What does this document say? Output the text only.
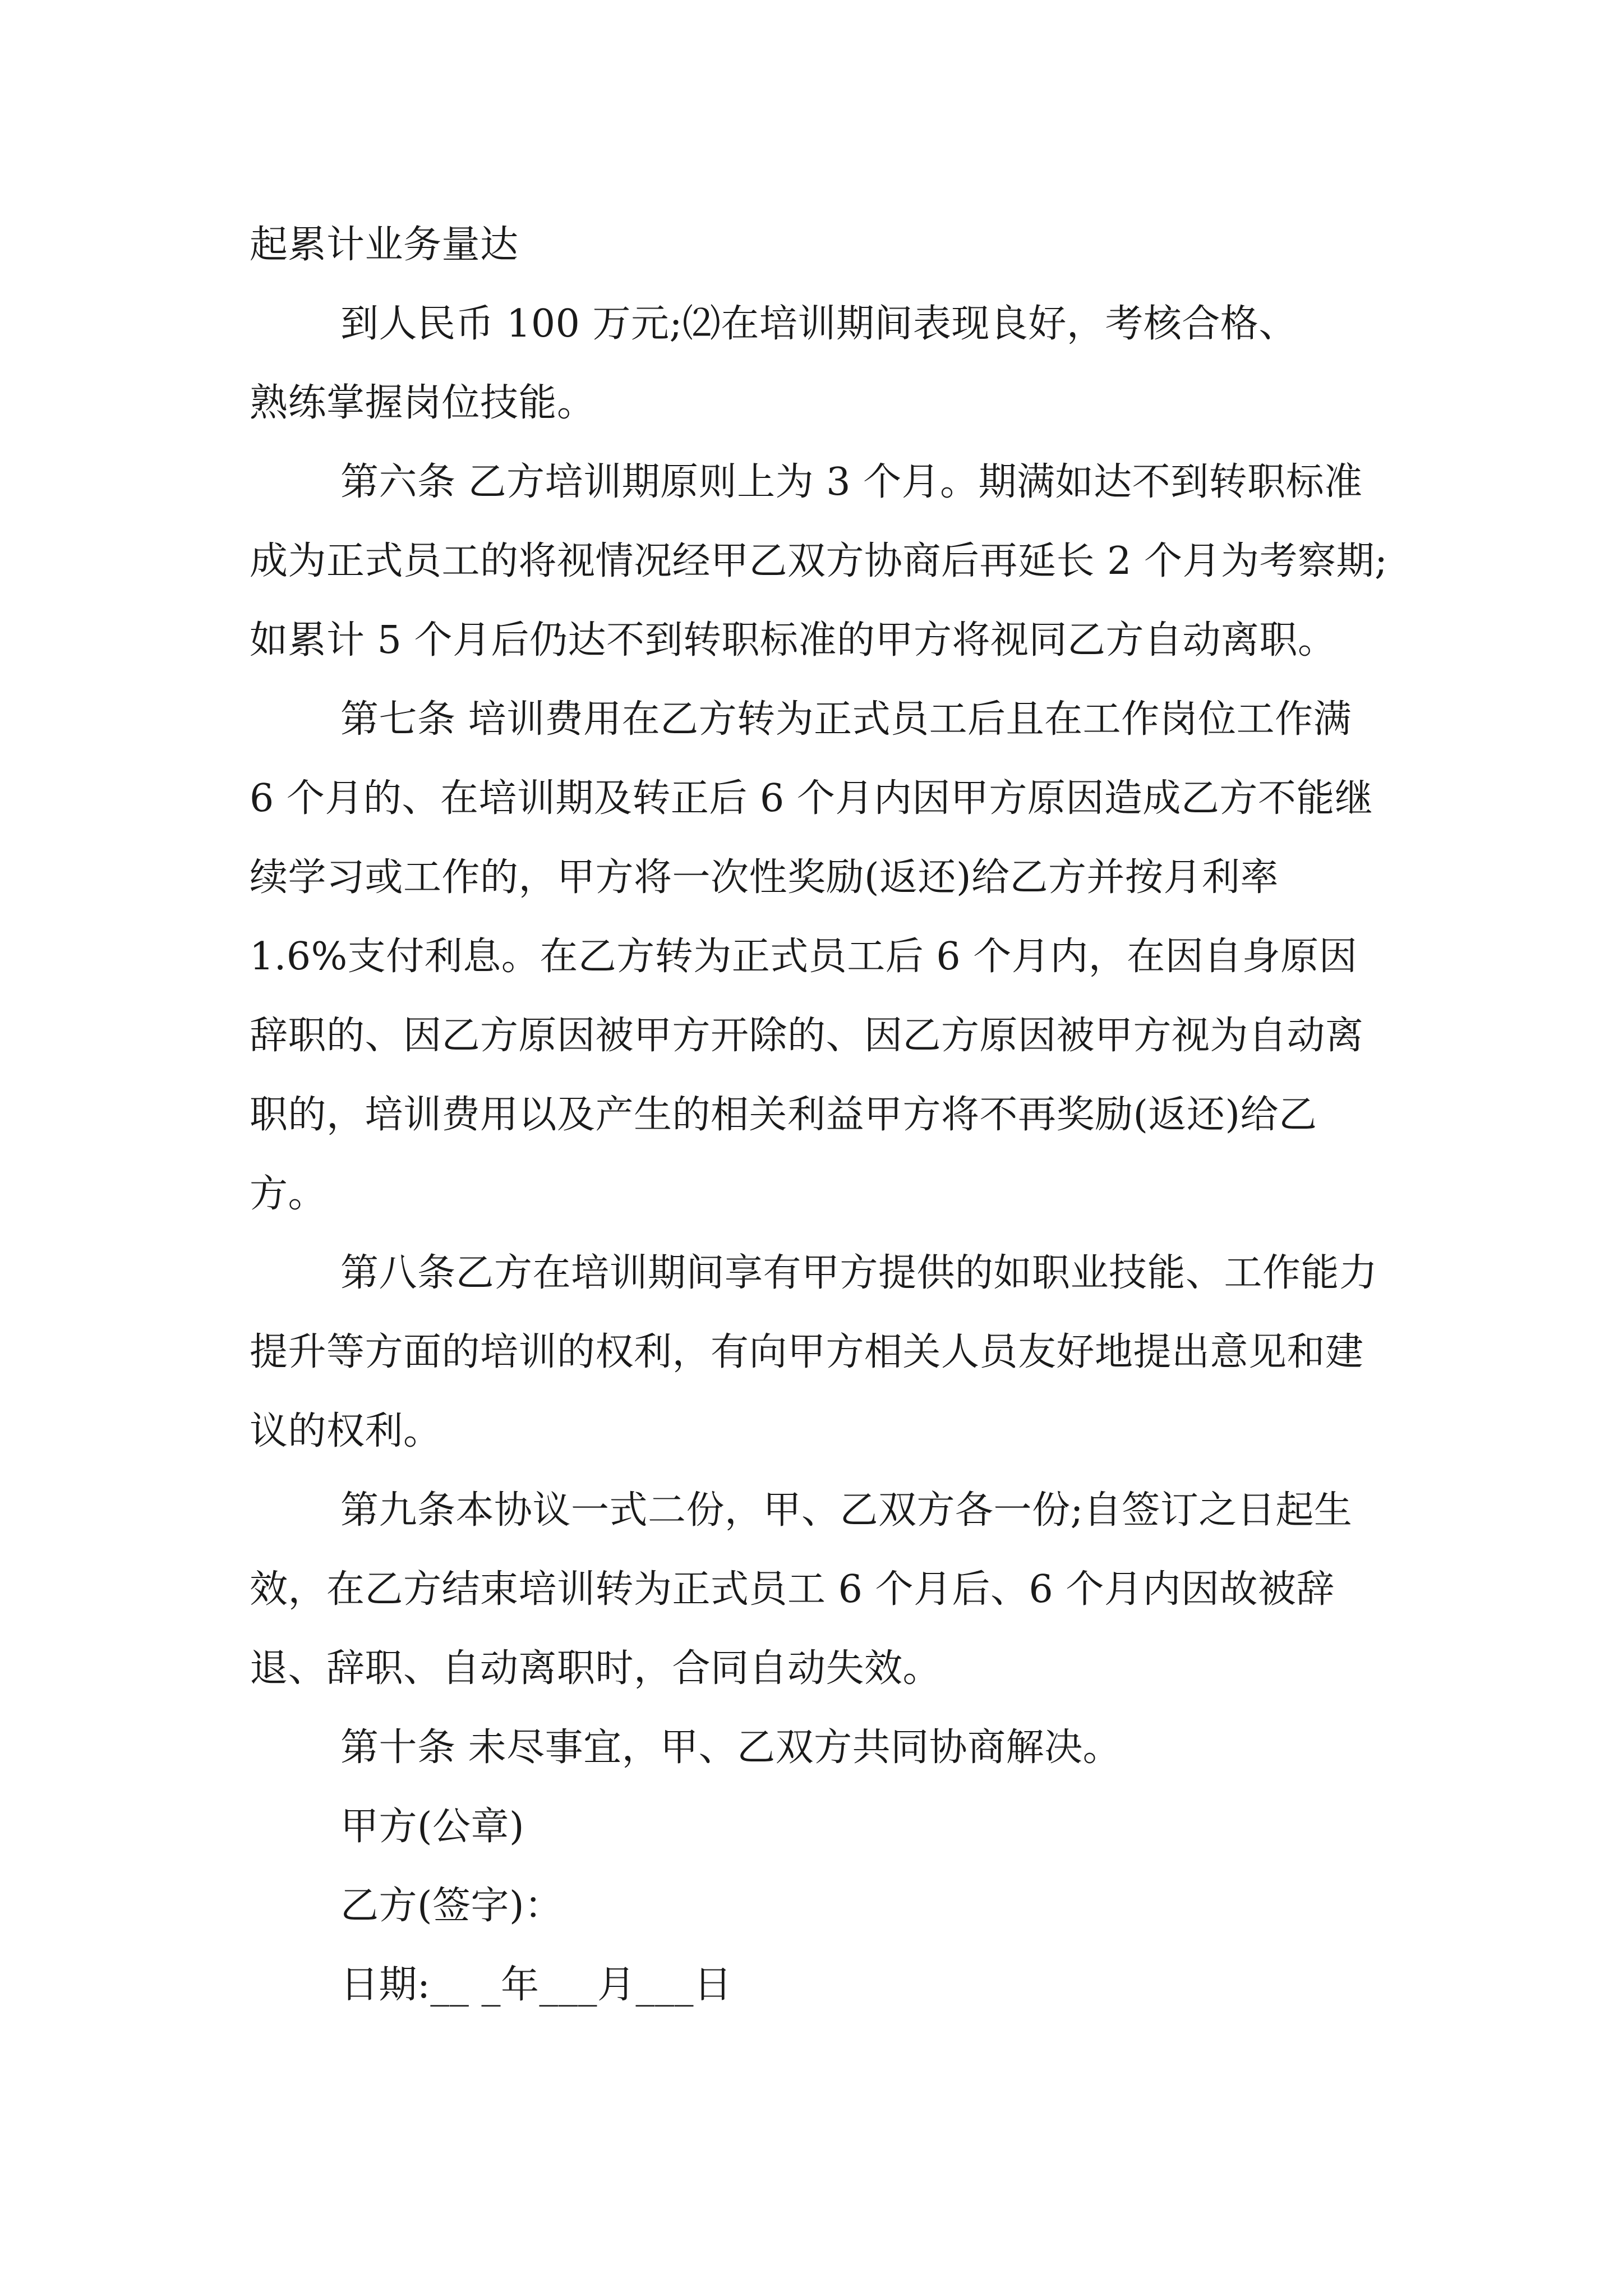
起累计业务量达

到人民币 100 万元;⑵在培训期间表现良好，考核合格、

熟练掌握岗位技能。

第六条 乙方培训期原则上为 3 个月。期满如达不到转职标准成为正式员工的将视情况经甲乙双方协商后再延长 2 个月为考察期;如累计 5 个月后仍达不到转职标准的甲方将视同乙方自动离职。

第七条 培训费用在乙方转为正式员工后且在工作岗位工作满 6 个月的、在培训期及转正后 6 个月内因甲方原因造成乙方不能继续学习或工作的，甲方将一次性奖励(返还)给乙方并按月利率 1.6%支付利息。在乙方转为正式员工后 6 个月内，在因自身原因辞职的、因乙方原因被甲方开除的、因乙方原因被甲方视为自动离职的，培训费用以及产生的相关利益甲方将不再奖励(返还)给乙方。

第八条乙方在培训期间享有甲方提供的如职业技能、工作能力提升等方面的培训的权利，有向甲方相关人员友好地提出意见和建议的权利。

第九条本协议一式二份，甲、乙双方各一份;自签订之日起生效，在乙方结束培训转为正式员工 6 个月后、6 个月内因故被辞退、辞职、自动离职时，合同自动失效。

第十条 未尽事宜，甲、乙双方共同协商解决。

甲方(公章)

乙方(签字)：

日期:__ _年___月___日
